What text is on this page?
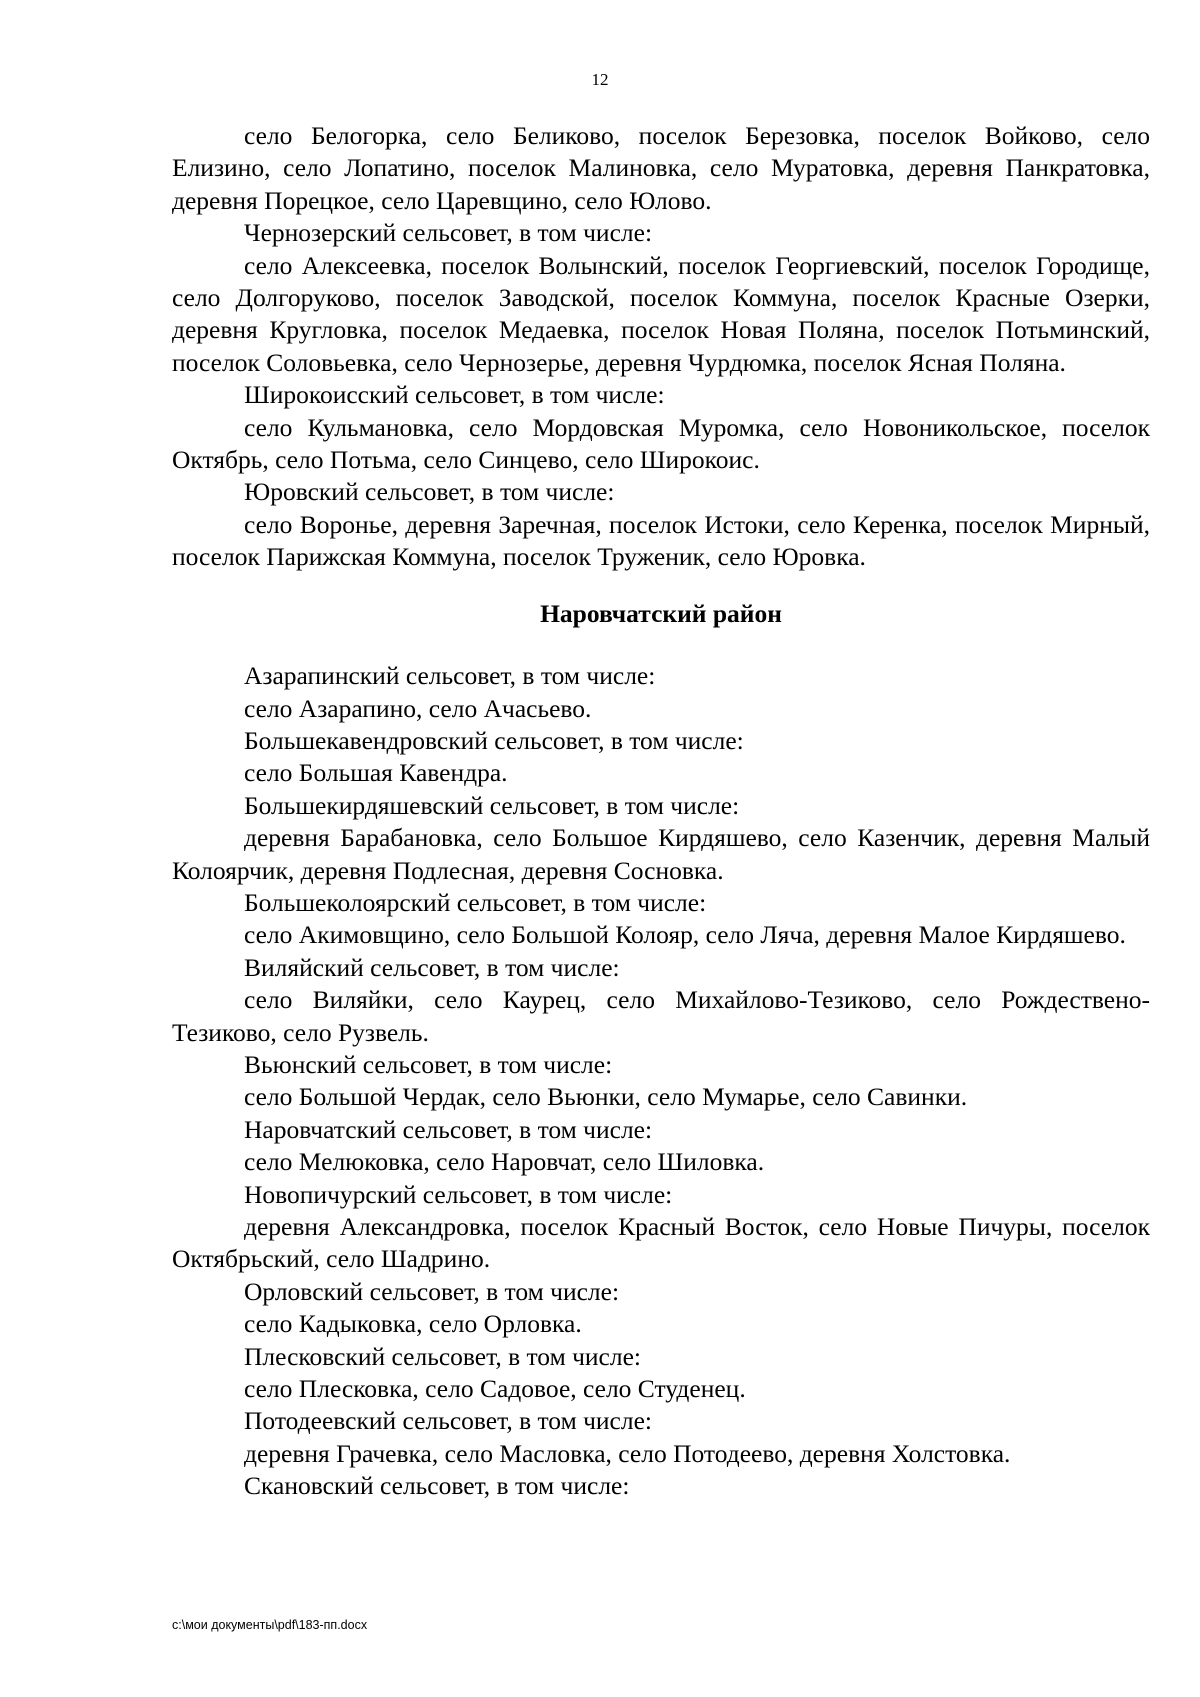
12

село Белогорка, село Беликово, поселок Березовка, поселок Войково, село Елизино, село Лопатино, поселок Малиновка, село Муратовка, деревня Панкратовка, деревня Порецкое, село Царевщино, село Юлово.

Чернозерский сельсовет, в том числе:

село Алексеевка, поселок Волынский, поселок Георгиевский, поселок Городище, село Долгоруково, поселок Заводской, поселок Коммуна, поселок Красные Озерки, деревня Кругловка, поселок Медаевка, поселок Новая Поляна, поселок Потьминский, поселок Соловьевка, село Чернозерье, деревня Чурдюмка, поселок Ясная Поляна.

Широкоисский сельсовет, в том числе:

село Кульмановка, село Мордовская Муромка, село Новоникольское, поселок Октябрь, село Потьма, село Синцево, село Широкоис.

Юровский сельсовет, в том числе:

село Воронье, деревня Заречная, поселок Истоки, село Керенка, поселок Мирный, поселок Парижская Коммуна, поселок Труженик, село Юровка.

Наровчатский район

Азарапинский сельсовет, в том числе:

село Азарапино, село Ачасьево.

Большекавендровский сельсовет, в том числе:

село Большая Кавендра.

Большекирдяшевский сельсовет, в том числе:

деревня Барабановка, село Большое Кирдяшево, село Казенчик, деревня Малый Колоярчик, деревня Подлесная, деревня Сосновка.

Большеколоярский сельсовет, в том числе:

село Акимовщино, село Большой Колояр, село Ляча, деревня Малое Кирдяшево.

Виляйский сельсовет, в том числе:

село Виляйки, село Каурец, село Михайлово-Тезиково, село Рождествено-Тезиково, село Рузвель.

Вьюнский сельсовет, в том числе:

село Большой Чердак, село Вьюнки, село Мумарье, село Савинки.

Наровчатский сельсовет, в том числе:

село Мелюковка, село Наровчат, село Шиловка.

Новопичурский сельсовет, в том числе:

деревня Александровка, поселок Красный Восток, село Новые Пичуры, поселок Октябрьский, село Шадрино.

Орловский сельсовет, в том числе:

село Кадыковка, село Орловка.

Плесковский сельсовет, в том числе:

село Плесковка, село Садовое, село Студенец.

Потодеевский сельсовет, в том числе:

деревня Грачевка, село Масловка, село Потодеево, деревня Холстовка.

Скановский сельсовет, в том числе:

c:\мои документы\pdf\183-пп.docx
